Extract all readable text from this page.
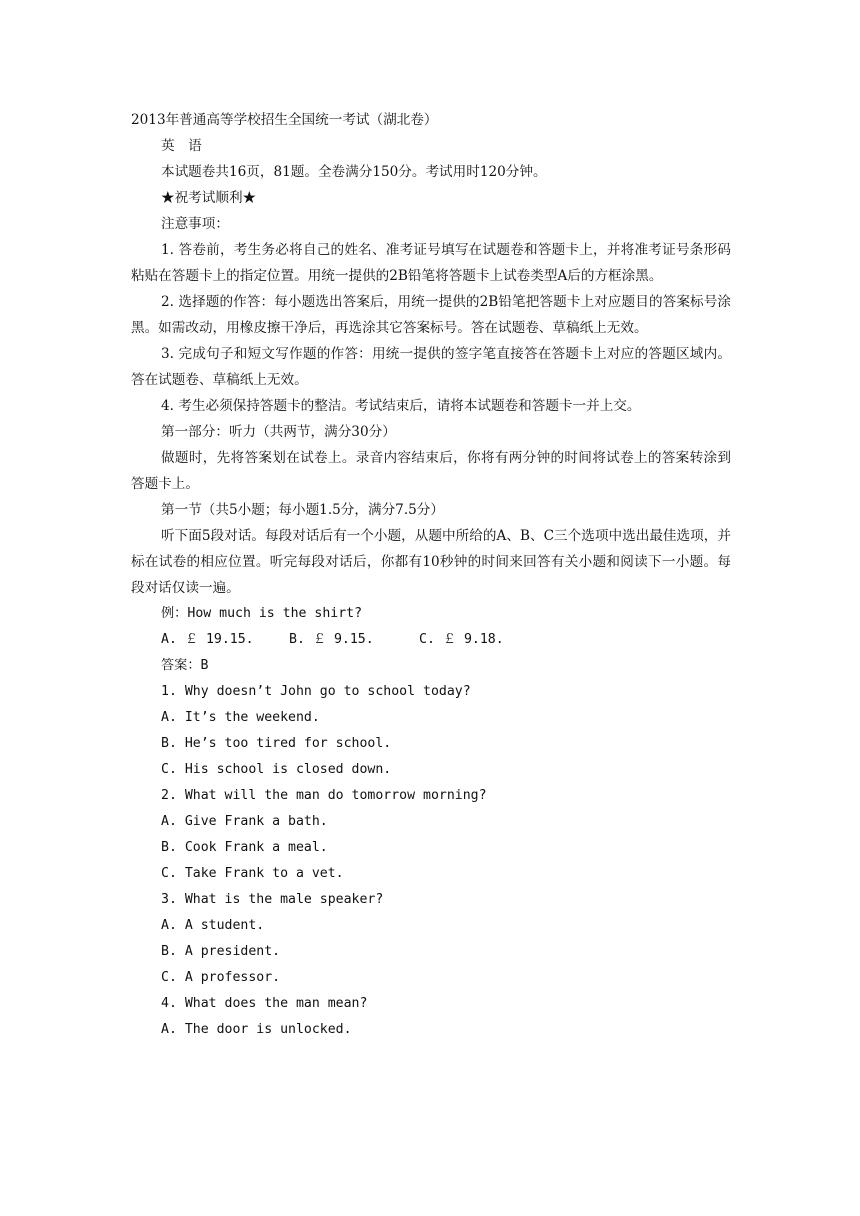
2013年普通高等学校招生全国统一考试（湖北卷）
英　语
本试题卷共16页，81题。全卷满分150分。考试用时120分钟。
★祝考试顺利★
注意事项：
1. 答卷前，考生务必将自己的姓名、准考证号填写在试题卷和答题卡上，并将准考证号条形码粘贴在答题卡上的指定位置。用统一提供的2B铅笔将答题卡上试卷类型A后的方框涂黑。
2. 选择题的作答：每小题选出答案后，用统一提供的2B铅笔把答题卡上对应题目的答案标号涂黑。如需改动，用橡皮擦干净后，再选涂其它答案标号。答在试题卷、草稿纸上无效。
3. 完成句子和短文写作题的作答：用统一提供的签字笔直接答在答题卡上对应的答题区域内。答在试题卷、草稿纸上无效。
4. 考生必须保持答题卡的整洁。考试结束后，请将本试题卷和答题卡一并上交。
第一部分：听力（共两节，满分30分）
做题时，先将答案划在试卷上。录音内容结束后，你将有两分钟的时间将试卷上的答案转涂到答题卡上。
第一节（共5小题；每小题1.5分，满分7.5分）
听下面5段对话。每段对话后有一个小题，从题中所给的A、B、C三个选项中选出最佳选项，并标在试卷的相应位置。听完每段对话后，你都有10秒钟的时间来回答有关小题和阅读下一小题。每段对话仅读一遍。
例：How much is the shirt?
A. ￡ 19.15.	B. ￡ 9.15.	C. ￡ 9.18.
答案：B
1. Why doesn’t John go to school today?
A. It’s the weekend.
B. He’s too tired for school.
C. His school is closed down.
2. What will the man do tomorrow morning?
A. Give Frank a bath.
B. Cook Frank a meal.
C. Take Frank to a vet.
3. What is the male speaker?
A. A student.
B. A president.
C. A professor.
4. What does the man mean?
A. The door is unlocked.
